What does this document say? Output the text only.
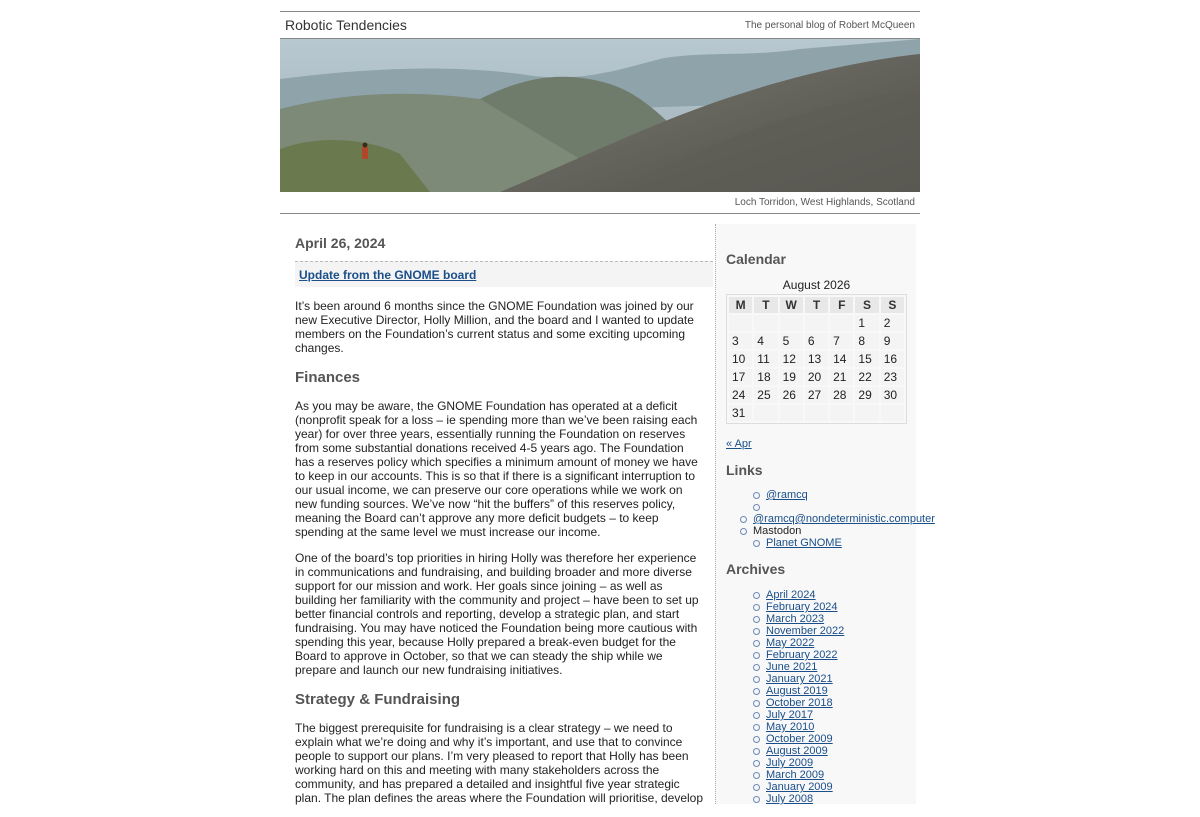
Robotic Tendencies	The personal blog of Robert McQueen
Loch Torridon, West Highlands, Scotland
April 26, 2024
Update from the GNOME board

It’s been around 6 months since the GNOME Foundation was joined by our new Executive Director, Holly Million, and the board and I wanted to update members on the Foundation’s current status and some exciting upcoming changes.

Finances

As you may be aware, the GNOME Foundation has operated at a deficit (nonprofit speak for a loss – ie spending more than we’ve been raising each year) for over three years, essentially running the Foundation on reserves from some substantial donations received 4-5 years ago. The Foundation has a reserves policy which specifies a minimum amount of money we have to keep in our accounts. This is so that if there is a significant interruption to our usual income, we can preserve our core operations while we work on new funding sources. We’ve now “hit the buffers” of this reserves policy, meaning the Board can’t approve any more deficit budgets – to keep spending at the same level we must increase our income.

One of the board’s top priorities in hiring Holly was therefore her experience in communications and fundraising, and building broader and more diverse support for our mission and work. Her goals since joining – as well as building her familiarity with the community and project – have been to set up better financial controls and reporting, develop a strategic plan, and start fundraising. You may have noticed the Foundation being more cautious with spending this year, because Holly prepared a break-even budget for the Board to approve in October, so that we can steady the ship while we prepare and launch our new fundraising initiatives.

Strategy & Fundraising

The biggest prerequisite for fundraising is a clear strategy – we need to explain what we’re doing and why it’s important, and use that to convince people to support our plans. I’m very pleased to report that Holly has been working hard on this and meeting with many stakeholders across the community, and has prepared a detailed and insightful five year strategic plan. The plan defines the areas where the Foundation will prioritise, develop

Calendar
August 2026
M	T	W	T	F	S	S
					1	2
3	4	5	6	7	8	9
10	11	12	13	14	15	16
17	18	19	20	21	22	23
24	25	26	27	28	29	30
31						
« Apr
Links
@ramcq
@ramcq@nondeterministic.computer
Mastodon
Planet GNOME
Archives
April 2024
February 2024
March 2023
November 2022
May 2022
February 2022
June 2021
January 2021
August 2019
October 2018
July 2017
May 2010
October 2009
August 2009
July 2009
March 2009
January 2009
July 2008
